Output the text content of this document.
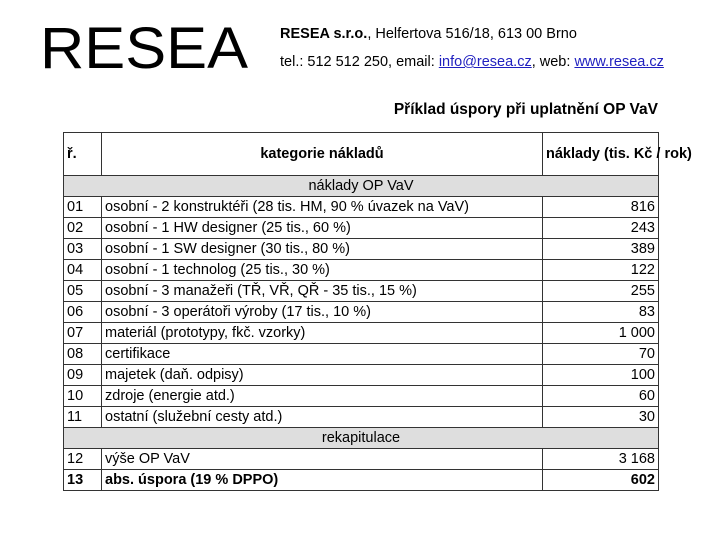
RESEA RESEA s.r.o., Helfertova 516/18, 613 00 Brno
tel.: 512 512 250, email: info@resea.cz, web: www.resea.cz
Příklad úspory při uplatnění OP VaV
ř.	kategorie nákladů	náklady (tis. Kč / rok)
náklady OP VaV		
01	osobní - 2 konstruktéři (28 tis. HM, 90 % úvazek na VaV)	816
02	osobní - 1 HW designer (25 tis., 60 %)	243
03	osobní - 1 SW designer (30 tis., 80 %)	389
04	osobní - 1 technolog (25 tis., 30 %)	122
05	osobní - 3 manažeři (TŘ, VŘ, QŘ - 35 tis., 15 %)	255
06	osobní - 3 operátoři výroby (17 tis., 10 %)	83
07	materiál (prototypy, fkč. vzorky)	1 000
08	certifikace	70
09	majetek (daň. odpisy)	100
10	zdroje (energie atd.)	60
11	ostatní (služební cesty atd.)	30
rekapitulace		
12	výše OP VaV	3 168
13	abs. úspora (19 % DPPO)	602
